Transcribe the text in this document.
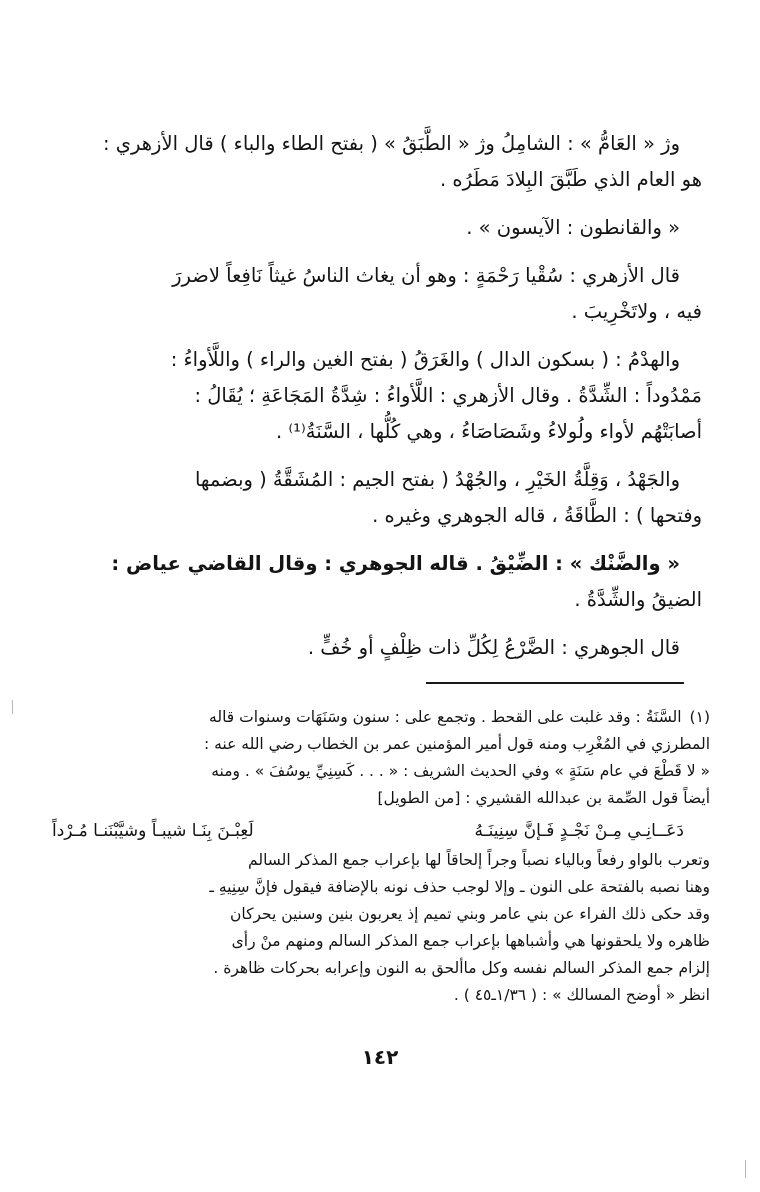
وﮊ « العَامُّ » : الشامِلُ وﮊ « الطَّبَقُ » ( بفتح الطاء والباء ) قال الأزهري :

هو العام الذي طَبَّقَ البِلادَ مَطَرُه .

« والقانطون : الآيسون » .

قال الأزهري : سُقْيا رَحْمَةٍ : وهو أن يغاث الناسُ غيثاً نَافِعاً لاضررَ

فيه ، ولاتَخْرِيبَ .

والهدْمُ : ( بسكون الدال ) والغَرَقُ ( بفتح الغين والراء ) واللَّأواءُ :

مَمْدُوداً : الشِّدَّةُ . وقال الأزهري : اللَّأواءُ : شِدَّةُ المَجَاعَةِ ؛ يُقَالُ :

أصابَتْهُم لأواء ولُولاءُ وشَصَاصَاءُ ، وهي كُلُّها ، السَّنَةُ⁽¹⁾ .

والجَهْدُ ، وَقِلَّةُ الخَيْرِ ، والجُهْدُ ( بفتح الجيم : المُشَقَّةُ ( وبضمها

وفتحها ) : الطَّاقَةُ ، قاله الجوهري وغيره .

« والضَّنْك » : الضِّيْقُ . قاله الجوهري : وقال القاضي عياض :

الضيقُ والشِّدَّةُ .

قال الجوهري : الضَّرْعُ لِكُلِّ ذات ظِلْفٍ أو خُفٍّ .

(١)السَّنَةُ : وقد غلبت على القحط . وتجمع على : سنون وسَنَهَات وسنوات قاله

المطرزي في المُغْرِب ومنه قول أمير المؤمنين عمر بن الخطاب رضي الله عنه :

« لا قَطْعَ في عام سَنَةٍ » وفي الحديث الشريف : « . . . كَسِنِيِّ يوسُفَ » . ومنه

أيضاً قول الصِّمة بن عبدالله القشيري : [من الطويل]

دَعَــانِـي مِـنْ نَجْـدٍ فَـإنَّ سِنِينَـهُ
لَعِبْـنَ بِنَـا شيبـاً وشيَّبْنَنـا مُـرْداً

وتعرب بالواو رفعاً وبالياء نصباً وجراً إلحاقاً لها بإعراب جمع المذكر السالم

وهنا نصبه بالفتحة على النون ـ وإلا لوجب حذف نونه بالإضافة فيقول فإنَّ سِنِيهِ ـ

وقد حكى ذلك الفراء عن بني عامر وبني تميم إذ يعربون بنين وسنين يحركان

ظاهره ولا يلحقونها هي وأشباهها بإعراب جمع المذكر السالم ومنهم منْ رأى

إلزام جمع المذكر السالم نفسه وكل ماألحق به النون وإعرابه بحركات ظاهرة .

انظر « أوضح المسالك » : ( ١/٣٦ـ٤٥ ) .

١٤٢
